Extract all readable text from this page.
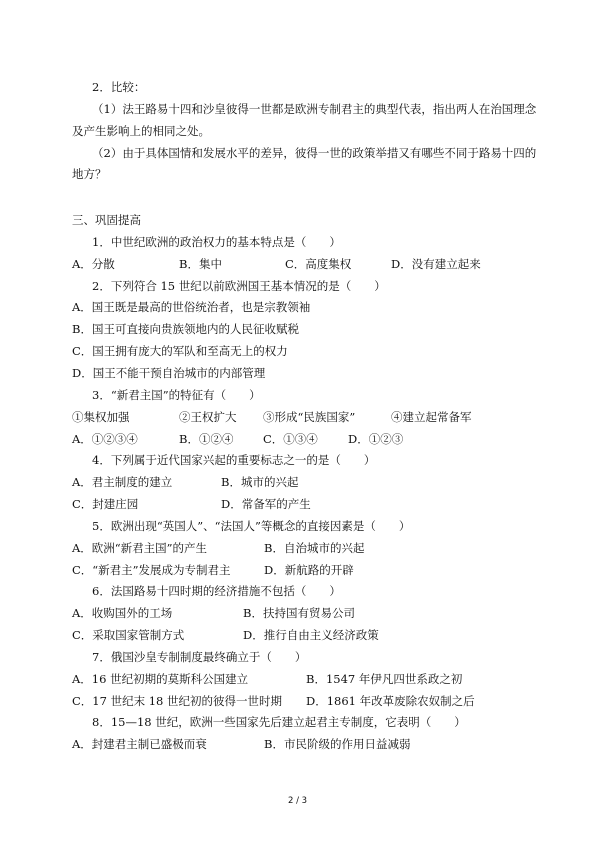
2．比较：
（1）法王路易十四和沙皇彼得一世都是欧洲专制君主的典型代表，指出两人在治国理念
及产生影响上的相同之处。
（2）由于具体国情和发展水平的差异，彼得一世的政策举措又有哪些不同于路易十四的
地方？
三、巩固提高
1．中世纪欧洲的政治权力的基本特点是（　　）
A．分散	B．集中	C．高度集权	D．没有建立起来
2．下列符合 15 世纪以前欧洲国王基本情况的是（　　）
A．国王既是最高的世俗统治者，也是宗教领袖
B．国王可直接向贵族领地内的人民征收赋税
C．国王拥有庞大的军队和至高无上的权力
D．国王不能干预自治城市的内部管理
3．“新君主国”的特征有（　　）
①集权加强	②王权扩大 ③形成“民族国家”	④建立起常备军
A．①②③④	B．①②④	C．①③④	D．①②③
4．下列属于近代国家兴起的重要标志之一的是（　　）
A．君主制度的建立	B．城市的兴起
C．封建庄园	D．常备军的产生
5．欧洲出现“英国人”、“法国人”等概念的直接因素是（　　）
A．欧洲“新君主国”的产生	B．自治城市的兴起
C．“新君主”发展成为专制君主	D．新航路的开辟
6．法国路易十四时期的经济措施不包括（　　）
A．收购国外的工场	B．扶持国有贸易公司
C．采取国家管制方式	D．推行自由主义经济政策
7．俄国沙皇专制制度最终确立于（　　）
A．16 世纪初期的莫斯科公国建立	B．1547 年伊凡四世系政之初
C．17 世纪末 18 世纪初的彼得一世时期 D．1861 年改革废除农奴制之后
8．15—18 世纪，欧洲一些国家先后建立起君主专制度，它表明（　　）
A．封建君主制已盛极而衰	B．市民阶级的作用日益减弱
2 / 3
